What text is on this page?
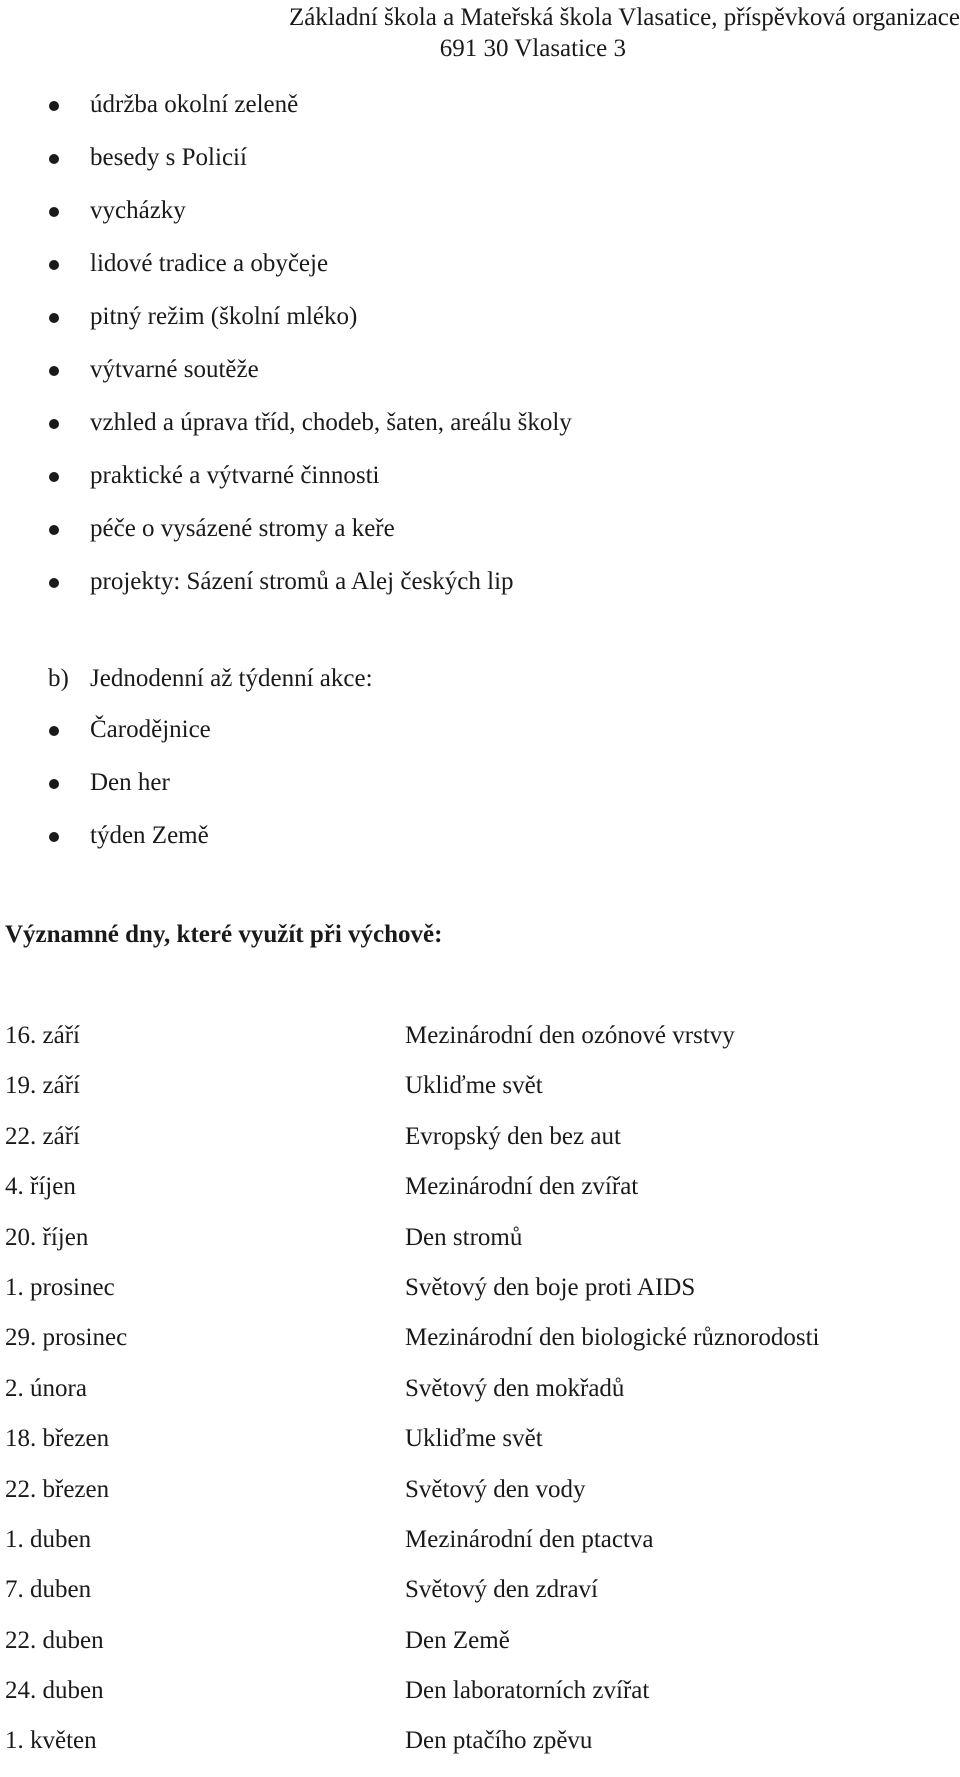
Základní škola a Mateřská škola Vlasatice, příspěvková organizace
691 30 Vlasatice 3
údržba okolní zeleně
besedy s Policií
vycházky
lidové tradice a obyčeje
pitný režim (školní mléko)
výtvarné soutěže
vzhled a úprava tříd, chodeb, šaten, areálu školy
praktické a výtvarné činnosti
péče o vysázené stromy a keře
projekty: Sázení stromů a Alej českých lip
b) Jednodenní až týdenní akce:
Čarodějnice
Den her
týden Země
Významné dny, které využít při výchově:
16. září	Mezinárodní den ozónové vrstvy
19. září	Ukliďme svět
22. září	Evropský den bez aut
4. říjen	Mezinárodní den zvířat
20. říjen	Den stromů
1. prosinec	Světový den boje proti AIDS
29. prosinec	Mezinárodní den biologické různorodosti
2. února	Světový den mokřadů
18. březen	Ukliďme svět
22. březen	Světový den vody
1. duben	Mezinárodní den ptactva
7. duben	Světový den zdraví
22. duben	Den Země
24. duben	Den laboratorních zvířat
1. květen	Den ptačího zpěvu
